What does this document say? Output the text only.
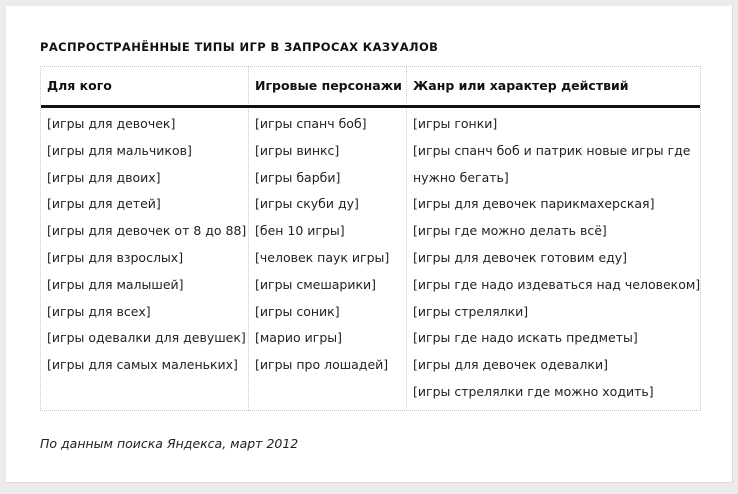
РАСПРОСТРАНЁННЫЕ ТИПЫ ИГР В ЗАПРОСАХ КАЗУАЛОВ
Для кого
[игры для девочек]
[игры для мальчиков]
[игры для двоих]
[игры для детей]
[игры для девочек от 8 до 88]
[игры для взрослых]
[игры для малышей]
[игры для всех]
[игры одевалки для девушек]
[игры для самых маленьких]
Игровые персонажи
[игры спанч боб]
[игры винкс]
[игры барби]
[игры скуби ду]
[бен 10 игры]
[человек паук игры]
[игры смешарики]
[игры соник]
[марио игры]
[игры про лошадей]
Жанр или характер действий
[игры гонки]
[игры спанч боб и патрик новые игры где
нужно бегать]
[игры для девочек парикмахерская]
[игры где можно делать всё]
[игры для девочек готовим еду]
[игры где надо издеваться над человеком]
[игры стрелялки]
[игры где надо искать предметы]
[игры для девочек одевалки]
[игры стрелялки где можно ходить]
По данным поиска Яндекса, март 2012
